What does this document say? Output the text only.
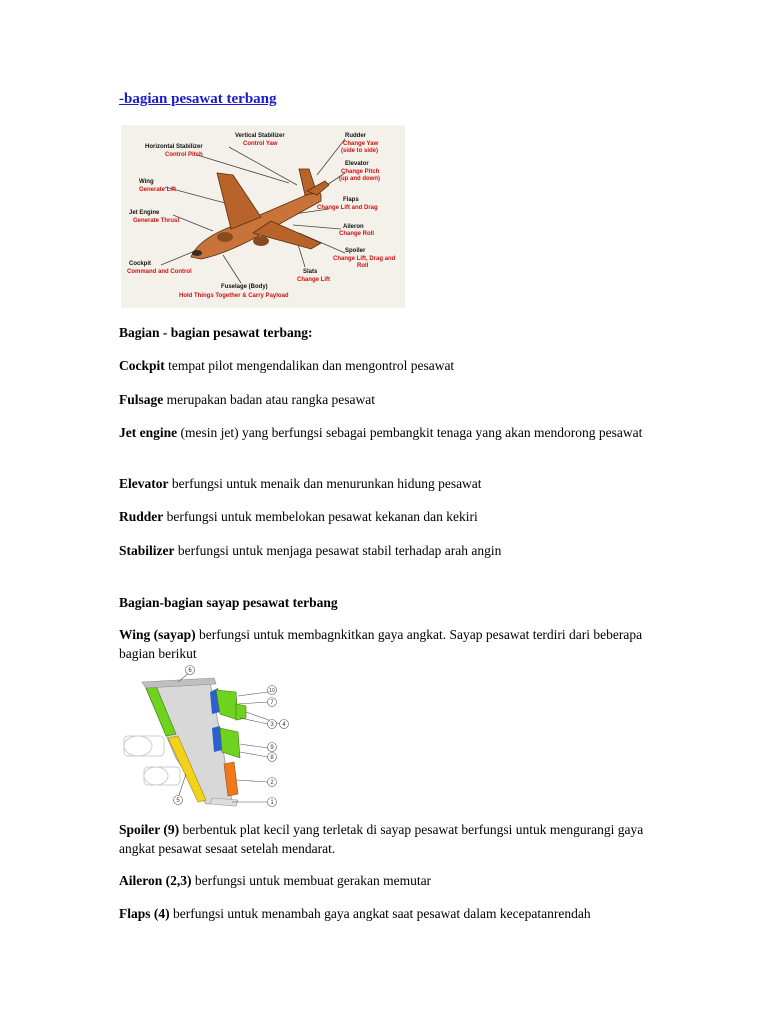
-bagian pesawat terbang
Vertical Stabilizer
Control Yaw
Horizontal Stabilizer
Control Pitch
Rudder
Change Yaw
(side to side)
Elevator
Change Pitch
(up and down)
Wing
Generate Lift
Flaps
Change Lift and Drag
Jet Engine
Generate Thrust
Aileron
Change Roll
Spoiler
Change Lift, Drag and
Roll
Cockpit
Command and Control	Slats
Change Lift
Fuselage (Body)
Hold Things Together & Carry Payload
Bagian - bagian pesawat terbang:
Cockpit tempat pilot mengendalikan dan mengontrol pesawat
Fulsage merupakan badan atau rangka pesawat
Jet engine (mesin jet) yang berfungsi sebagai pembangkit tenaga yang akan mendorong pesawat
Elevator berfungsi untuk menaik dan menurunkan hidung pesawat
Rudder berfungsi untuk membelokan pesawat kekanan dan kekiri
Stabilizer berfungsi untuk menjaga pesawat stabil terhadap arah angin
Bagian-bagian sayap pesawat terbang
Wing (sayap) berfungsi untuk membagnkitkan gaya angkat. Sayap pesawat terdiri dari beberapa bagian berikut
6
10
7
3 4
9
8
2
1
5
Spoiler (9) berbentuk plat kecil yang terletak di sayap pesawat berfungsi untuk mengurangi gaya angkat pesawat sesaat setelah mendarat.
Aileron (2,3) berfungsi untuk membuat gerakan memutar
Flaps (4) berfungsi untuk menambah gaya angkat saat pesawat dalam kecepatanrendah
